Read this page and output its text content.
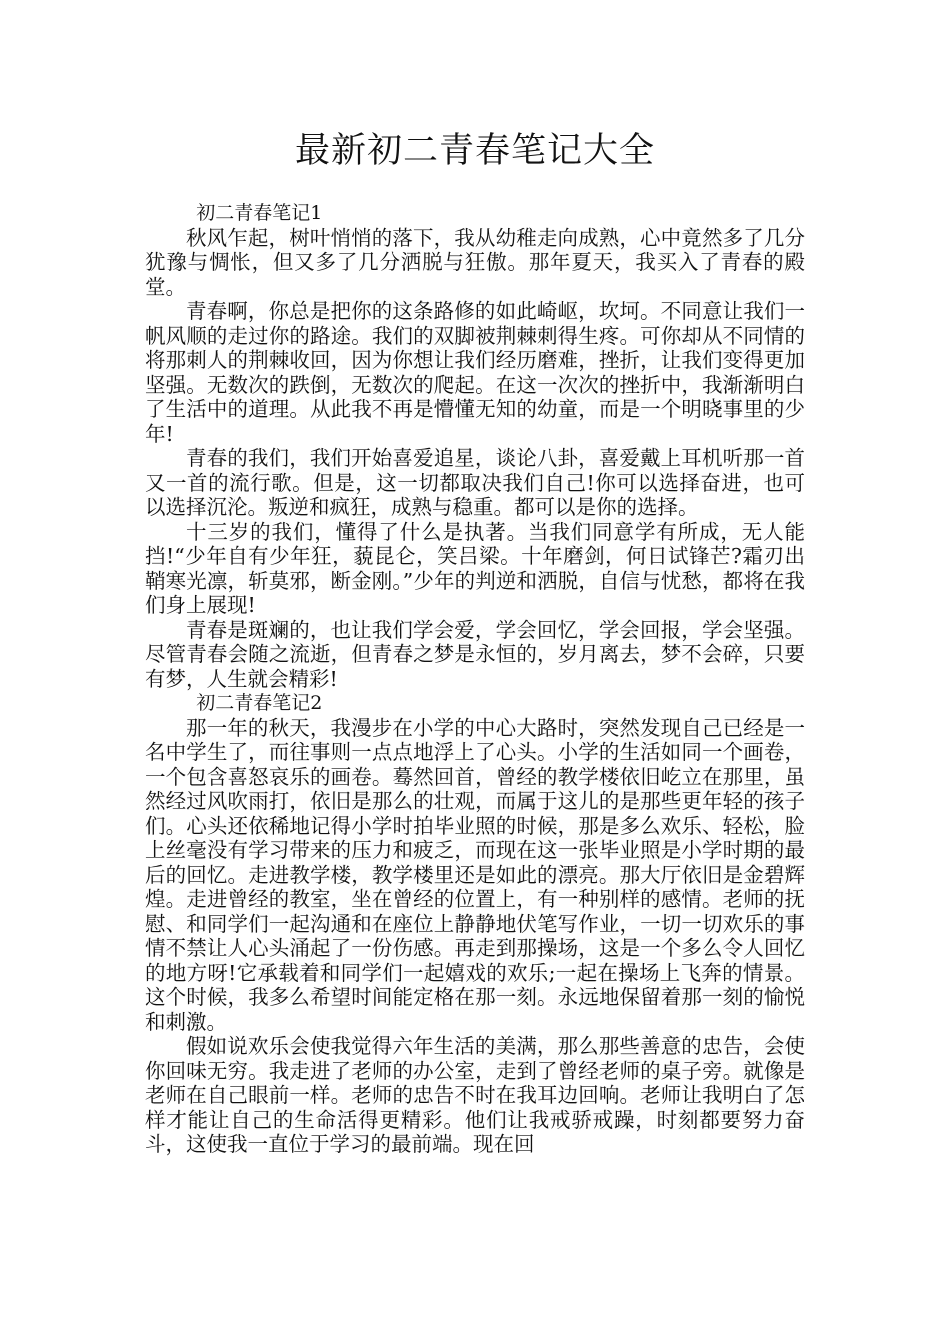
最新初二青春笔记大全

初二青春笔记1

秋风乍起，树叶悄悄的落下，我从幼稚走向成熟，心中竟然多了几分犹豫与惆怅，但又多了几分洒脱与狂傲。那年夏天，我买入了青春的殿堂。

青春啊，你总是把你的这条路修的如此崎岖，坎坷。不同意让我们一帆风顺的走过你的路途。我们的双脚被荆棘刺得生疼。可你却从不同情的将那刺人的荆棘收回，因为你想让我们经历磨难，挫折，让我们变得更加坚强。无数次的跌倒，无数次的爬起。在这一次次的挫折中，我渐渐明白了生活中的道理。从此我不再是懵懂无知的幼童，而是一个明晓事里的少年!

青春的我们，我们开始喜爱追星，谈论八卦，喜爱戴上耳机听那一首又一首的流行歌。但是，这一切都取决我们自己!你可以选择奋进，也可以选择沉沦。叛逆和疯狂，成熟与稳重。都可以是你的选择。

十三岁的我们，懂得了什么是执著。当我们同意学有所成，无人能挡!“少年自有少年狂，藐昆仑，笑吕梁。十年磨剑，何日试锋芒?霜刃出鞘寒光凛，斩莫邪，断金刚。”少年的判逆和洒脱，自信与忧愁，都将在我们身上展现!

青春是斑斓的，也让我们学会爱，学会回忆，学会回报，学会坚强。尽管青春会随之流逝，但青春之梦是永恒的，岁月离去，梦不会碎，只要有梦，人生就会精彩!

初二青春笔记2

那一年的秋天，我漫步在小学的中心大路时，突然发现自己已经是一名中学生了，而往事则一点点地浮上了心头。小学的生活如同一个画卷，一个包含喜怒哀乐的画卷。蓦然回首，曾经的教学楼依旧屹立在那里，虽然经过风吹雨打，依旧是那么的壮观，而属于这儿的是那些更年轻的孩子们。心头还依稀地记得小学时拍毕业照的时候，那是多么欢乐、轻松，脸上丝毫没有学习带来的压力和疲乏，而现在这一张毕业照是小学时期的最后的回忆。走进教学楼，教学楼里还是如此的漂亮。那大厅依旧是金碧辉煌。走进曾经的教室，坐在曾经的位置上，有一种别样的感情。老师的抚慰、和同学们一起沟通和在座位上静静地伏笔写作业，一切一切欢乐的事情不禁让人心头涌起了一份伤感。再走到那操场，这是一个多么令人回忆的地方呀!它承载着和同学们一起嬉戏的欢乐;一起在操场上飞奔的情景。这个时候，我多么希望时间能定格在那一刻。永远地保留着那一刻的愉悦和刺激。

假如说欢乐会使我觉得六年生活的美满，那么那些善意的忠告，会使你回味无穷。我走进了老师的办公室，走到了曾经老师的桌子旁。就像是老师在自己眼前一样。老师的忠告不时在我耳边回响。老师让我明白了怎样才能让自己的生命活得更精彩。他们让我戒骄戒躁，时刻都要努力奋斗，这使我一直位于学习的最前端。现在回
